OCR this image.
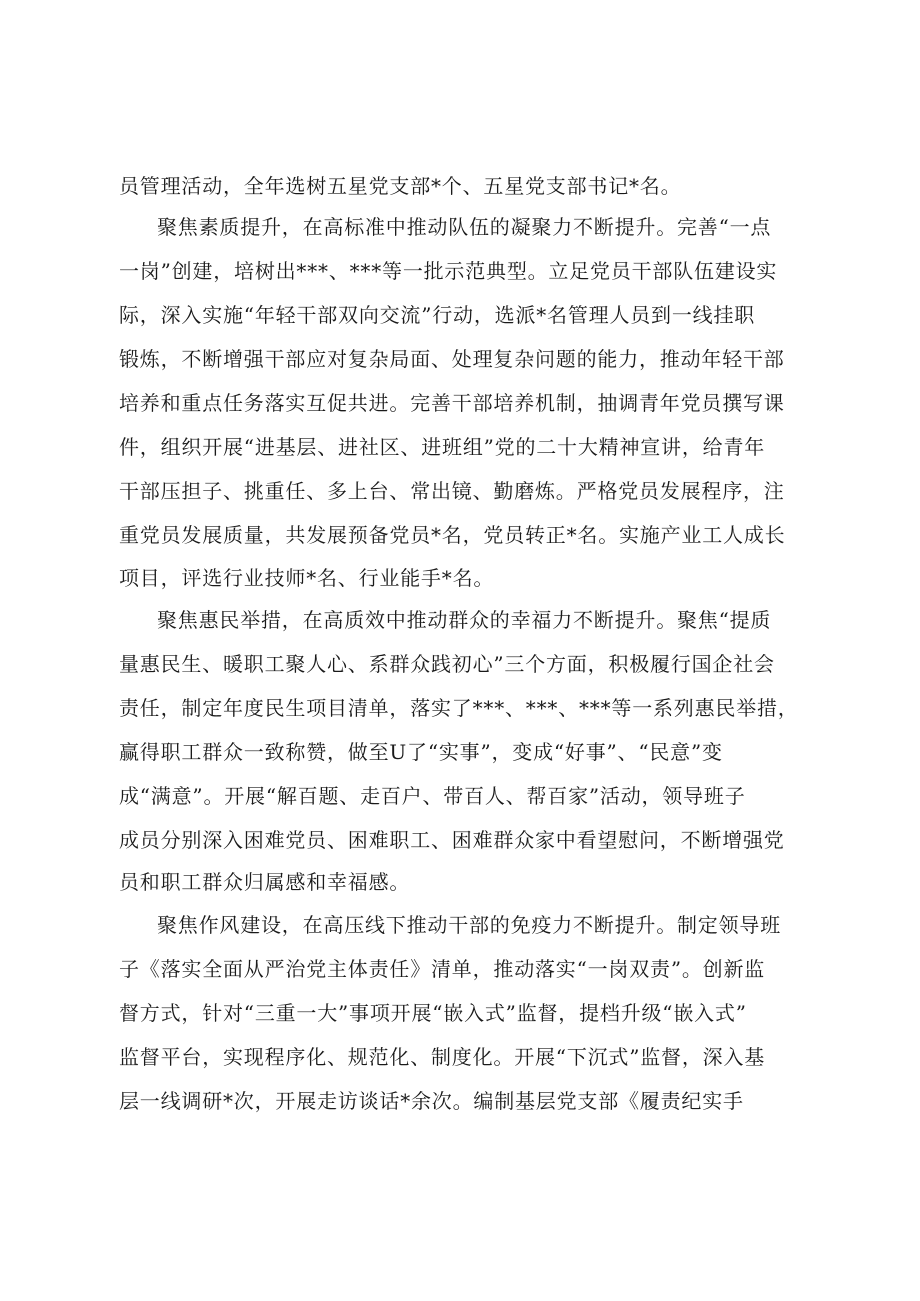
员管理活动，全年选树五星党支部*个、五星党支部书记*名。
聚焦素质提升，在高标准中推动队伍的凝聚力不断提升。完善“一点
一岗”创建，培树出***、***等一批示范典型。立足党员干部队伍建设实
际，深入实施“年轻干部双向交流”行动，选派*名管理人员到一线挂职
锻炼，不断增强干部应对复杂局面、处理复杂问题的能力，推动年轻干部
培养和重点任务落实互促共进。完善干部培养机制，抽调青年党员撰写课
件，组织开展“进基层、进社区、进班组”党的二十大精神宣讲，给青年
干部压担子、挑重任、多上台、常出镜、勤磨炼。严格党员发展程序，注
重党员发展质量，共发展预备党员*名，党员转正*名。实施产业工人成长
项目，评选行业技师*名、行业能手*名。
聚焦惠民举措，在高质效中推动群众的幸福力不断提升。聚焦“提质
量惠民生、暖职工聚人心、系群众践初心”三个方面，积极履行国企社会
责任，制定年度民生项目清单，落实了***、***、***等一系列惠民举措，
赢得职工群众一致称赞，做至U了“实事”，变成“好事”、“民意”变
成“满意”。开展“解百题、走百户、带百人、帮百家”活动，领导班子
成员分别深入困难党员、困难职工、困难群众家中看望慰问，不断增强党
员和职工群众归属感和幸福感。
聚焦作风建设，在高压线下推动干部的免疫力不断提升。制定领导班
子《落实全面从严治党主体责任》清单，推动落实“一岗双责”。创新监
督方式，针对“三重一大”事项开展“嵌入式”监督，提档升级“嵌入式”
监督平台，实现程序化、规范化、制度化。开展“下沉式”监督，深入基
层一线调研*次，开展走访谈话*余次。编制基层党支部《履责纪实手
